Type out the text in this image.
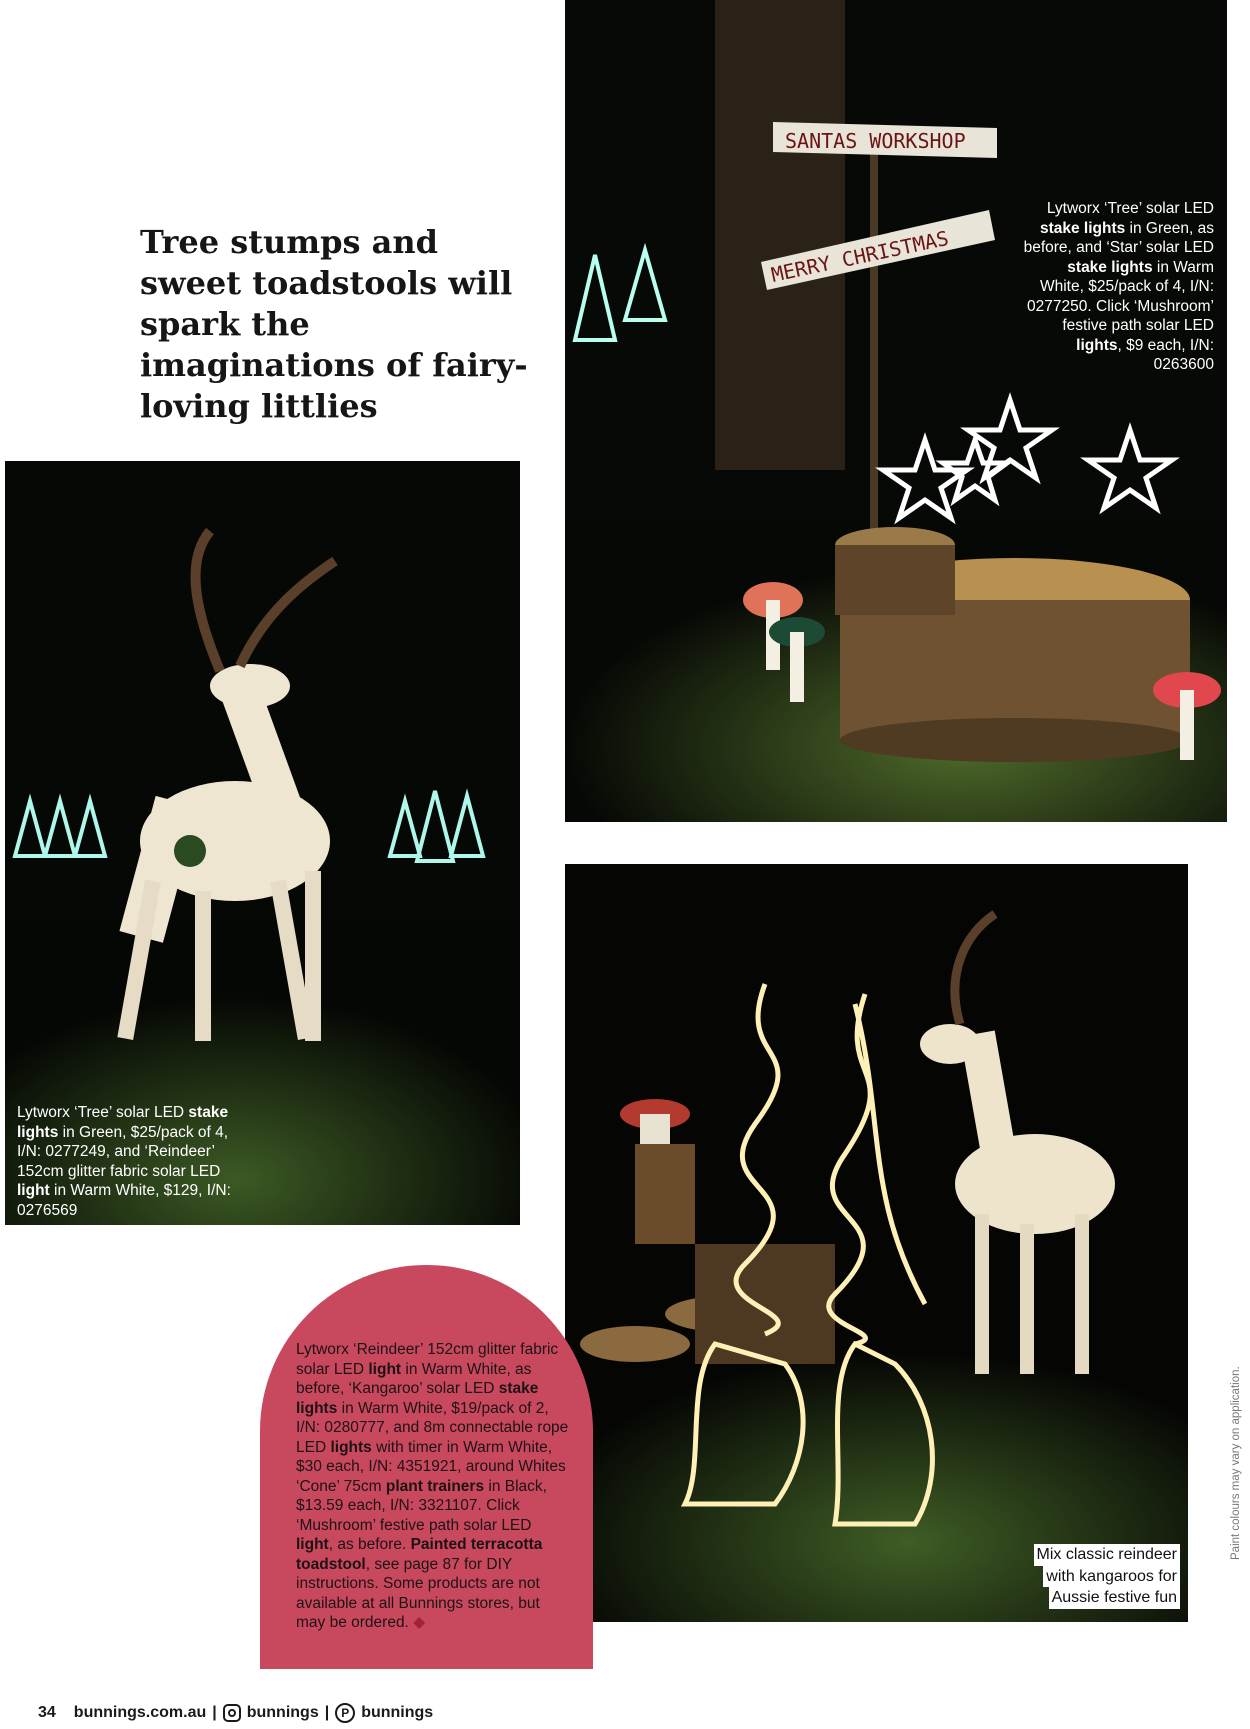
Tree stumps and sweet toadstools will spark the imaginations of fairy-loving littlies
SANTAS WORKSHOP
MERRY CHRISTMAS
Lytworx ‘Tree’ solar LED stake lights in Green, as before, and ‘Star’ solar LED stake lights in Warm White, $25/pack of 4, I/N: 0277250. Click ‘Mushroom’ festive path solar LED lights, $9 each, I/N: 0263600
Lytworx ‘Tree’ solar LED stake lights in Green, $25/pack of 4, I/N: 0277249, and ‘Reindeer’ 152cm glitter fabric solar LED light in Warm White, $129, I/N: 0276569
Mix classic reindeer
with kangaroos for
Aussie festive fun
Lytworx ‘Reindeer’ 152cm glitter fabric solar LED light in Warm White, as before, ‘Kangaroo’ solar LED stake lights in Warm White, $19/pack of 2, I/N: 0280777, and 8m connectable rope LED lights with timer in Warm White, $30 each, I/N: 4351921, around Whites ‘Cone’ 75cm plant trainers in Black, $13.59 each, I/N: 3321107. Click ‘Mushroom’ festive path solar LED light, as before. Painted terracotta toadstool, see page 87 for DIY instructions. Some products are not available at all Bunnings stores, but may be ordered. ◆
Paint colours may vary on application.
34 bunnings.com.au | bunnings | P bunnings
